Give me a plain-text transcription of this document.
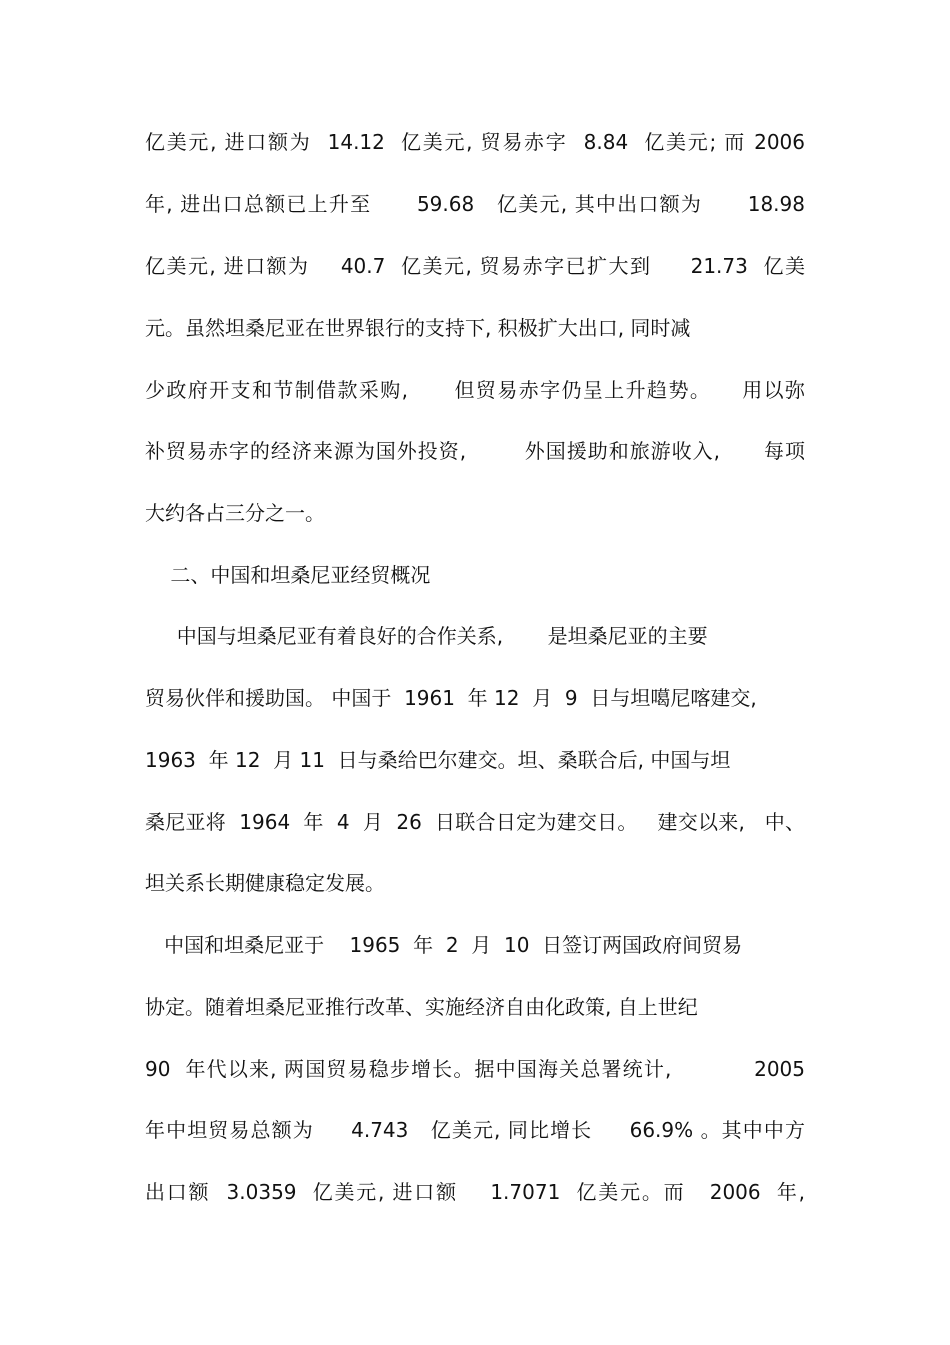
亿美元, 进口额为  14.12  亿美元, 贸易赤字  8.84  亿美元; 而 2006
年, 进出口总额已上升至      59.68   亿美元, 其中出口额为      18.98
亿美元, 进口额为    40.7  亿美元, 贸易赤字已扩大到     21.73  亿美
元。虽然坦桑尼亚在世界银行的支持下, 积极扩大出口, 同时减
少政府开支和节制借款采购,      但贸易赤字仍呈上升趋势。    用以弥
补贸易赤字的经济来源为国外投资,        外国援助和旅游收入,      每项
大约各占三分之一。
二、中国和坦桑尼亚经贸概况
中国与坦桑尼亚有着良好的合作关系,       是坦桑尼亚的主要
贸易伙伴和援助国。 中国于  1961  年 12  月  9  日与坦噶尼喀建交,
1963  年 12  月 11  日与桑给巴尔建交。坦、桑联合后, 中国与坦
桑尼亚将  1964  年  4  月  26  日联合日定为建交日。   建交以来,   中、
坦关系长期健康稳定发展。
中国和坦桑尼亚于    1965  年  2  月  10  日签订两国政府间贸易
协定。随着坦桑尼亚推行改革、实施经济自由化政策, 自上世纪
90  年代以来, 两国贸易稳步增长。据中国海关总署统计,           2005
年中坦贸易总额为     4.743   亿美元, 同比增长     66.9% 。其中中方
出口额  3.0359  亿美元, 进口额    1.7071  亿美元。而   2006  年,
